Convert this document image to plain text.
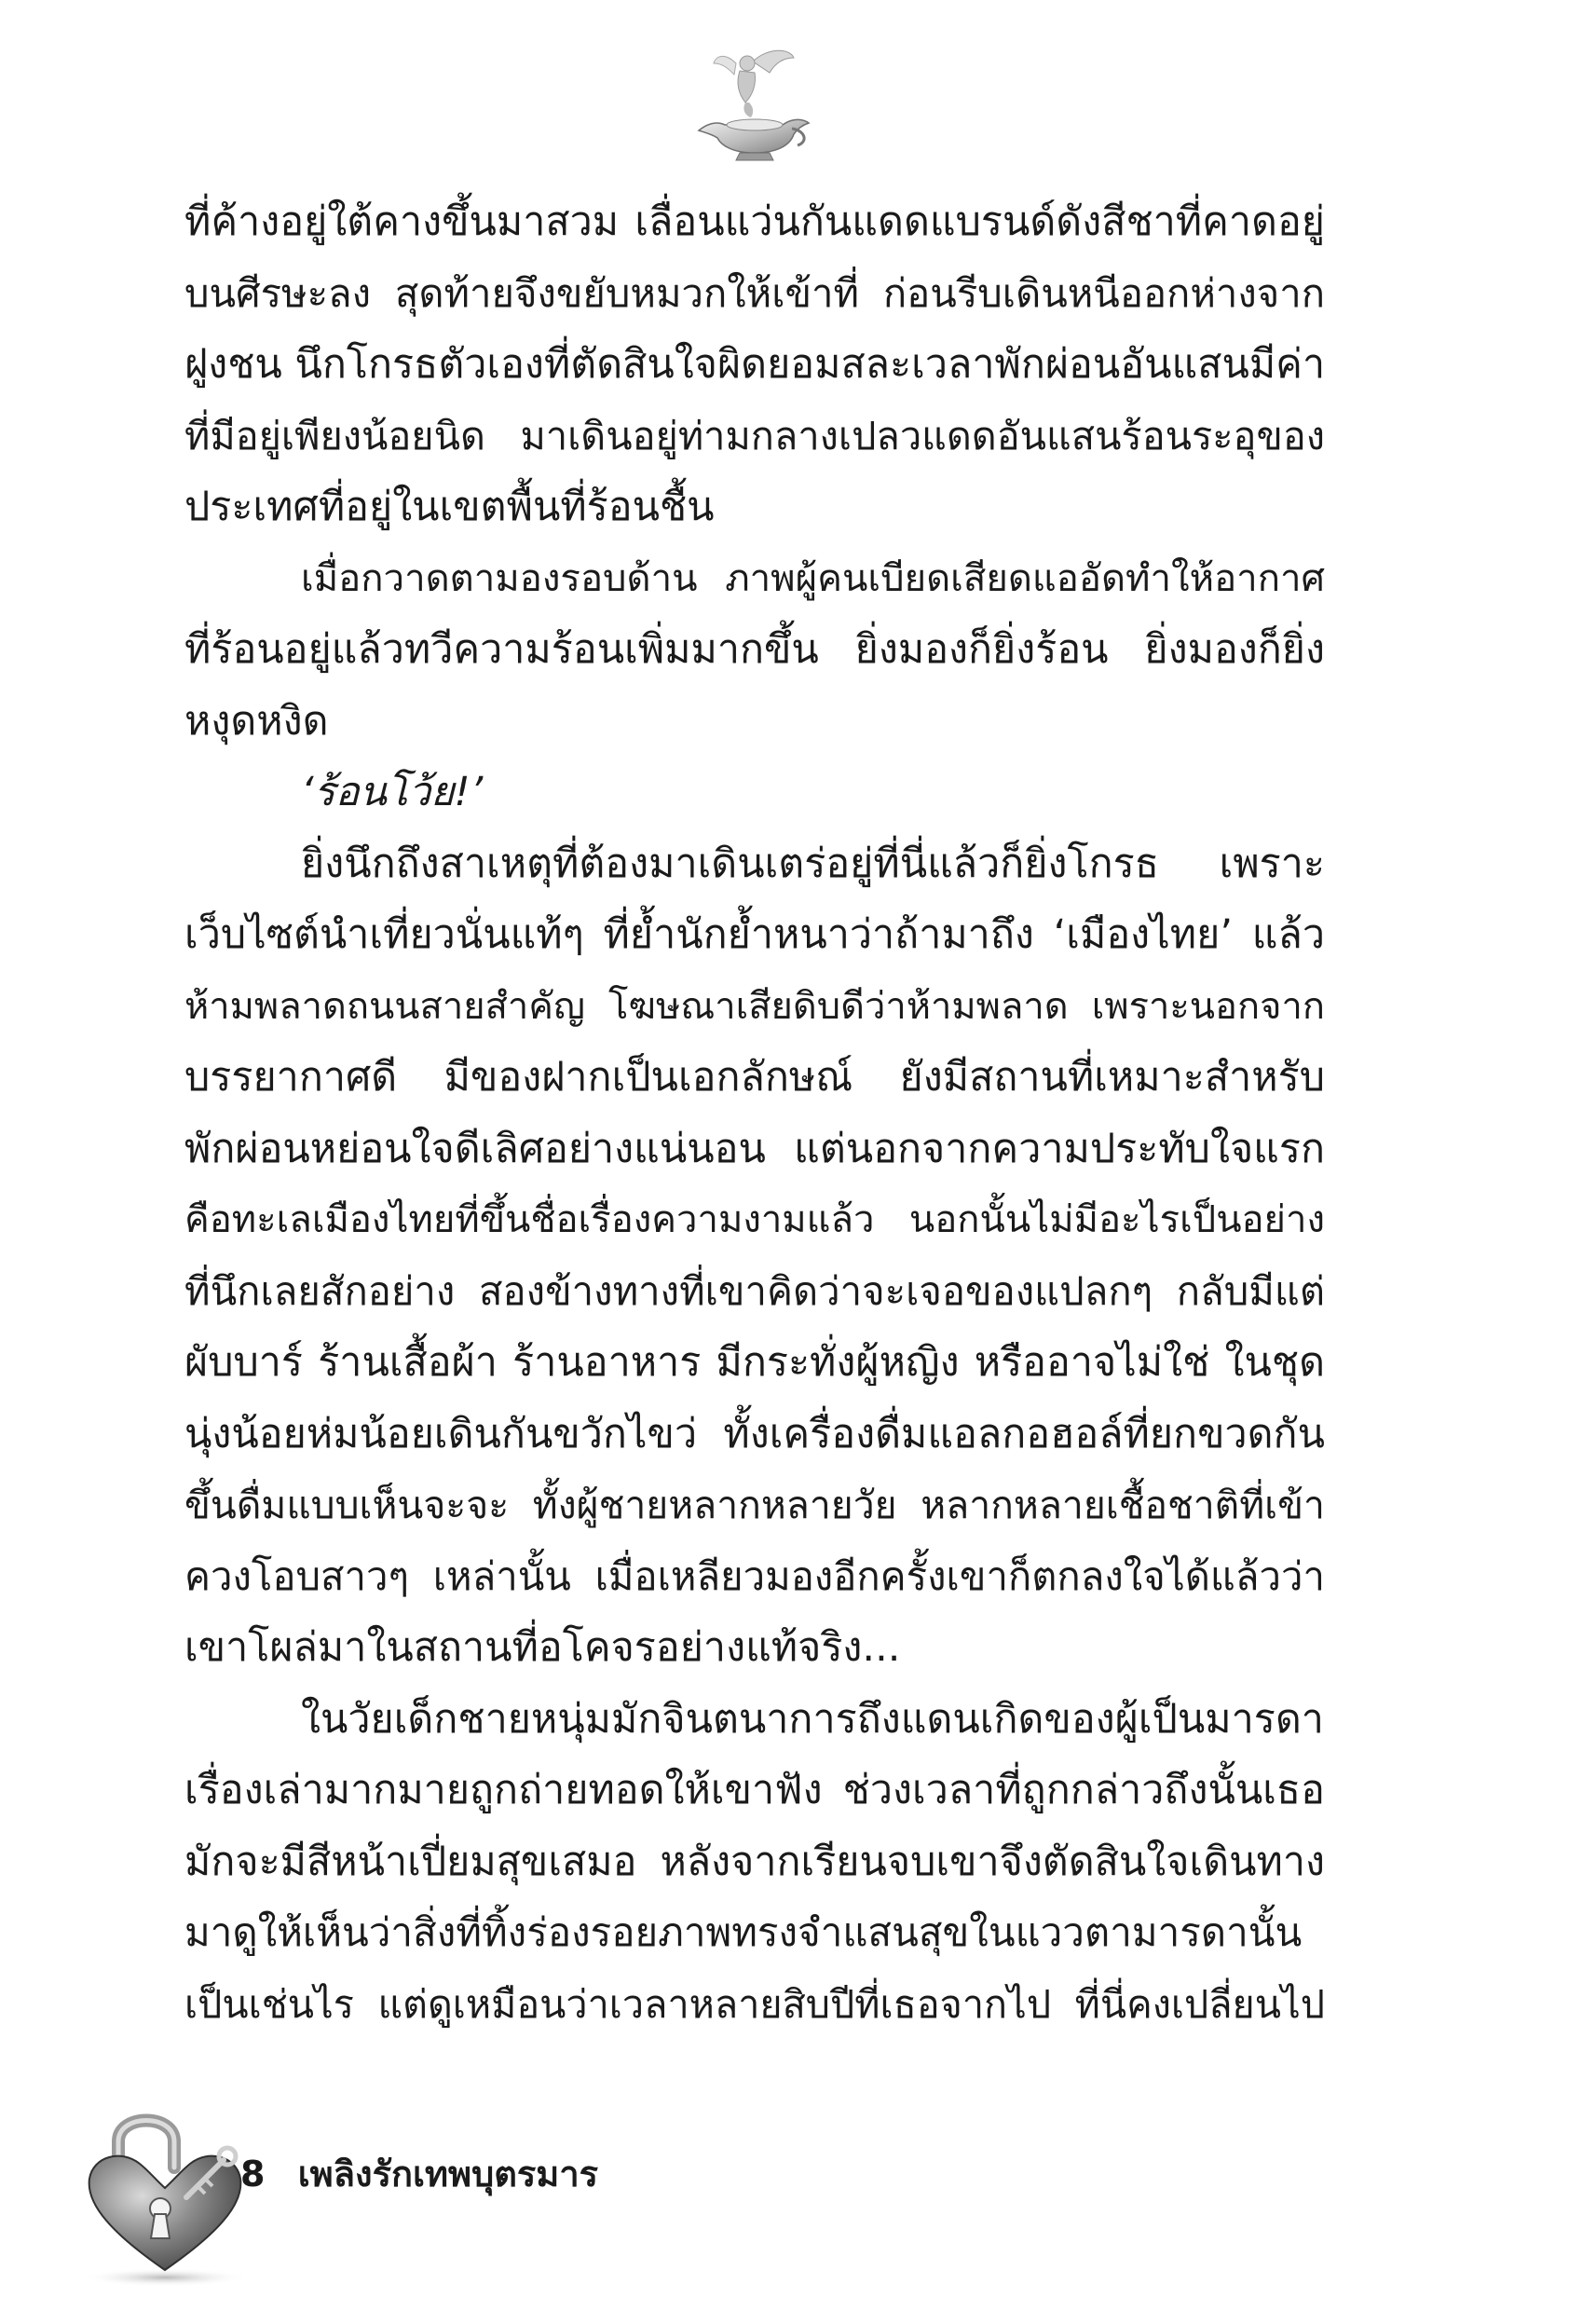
ที่ค้างอยู่ใต้คางขึ้นมาสวม เลื่อนแว่นกันแดดแบรนด์ดังสีชาที่คาดอยู่
บนศีรษะลง สุดท้ายจึงขยับหมวกให้เข้าที่ ก่อนรีบเดินหนีออกห่างจาก
ฝูงชน นึกโกรธตัวเองที่ตัดสินใจผิดยอมสละเวลาพักผ่อนอันแสนมีค่า
ที่มีอยู่เพียงน้อยนิด มาเดินอยู่ท่ามกลางเปลวแดดอันแสนร้อนระอุของ
ประเทศที่อยู่ในเขตพื้นที่ร้อนชื้น
เมื่อกวาดตามองรอบด้าน ภาพผู้คนเบียดเสียดแออัดทำให้อากาศ
ที่ร้อนอยู่แล้วทวีความร้อนเพิ่มมากขึ้น ยิ่งมองก็ยิ่งร้อน ยิ่งมองก็ยิ่ง
หงุดหงิด
‘ร้อนโว้ย!’
ยิ่งนึกถึงสาเหตุที่ต้องมาเดินเตร่อยู่ที่นี่แล้วก็ยิ่งโกรธ เพราะ
เว็บไซต์นำเที่ยวนั่นแท้ๆ ที่ย้ำนักย้ำหนาว่าถ้ามาถึง ‘เมืองไทย’ แล้ว
ห้ามพลาดถนนสายสำคัญ โฆษณาเสียดิบดีว่าห้ามพลาด เพราะนอกจาก
บรรยากาศดี มีของฝากเป็นเอกลักษณ์ ยังมีสถานที่เหมาะสำหรับ
พักผ่อนหย่อนใจดีเลิศอย่างแน่นอน แต่นอกจากความประทับใจแรก
คือทะเลเมืองไทยที่ขึ้นชื่อเรื่องความงามแล้ว นอกนั้นไม่มีอะไรเป็นอย่าง
ที่นึกเลยสักอย่าง สองข้างทางที่เขาคิดว่าจะเจอของแปลกๆ กลับมีแต่
ผับบาร์ ร้านเสื้อผ้า ร้านอาหาร มีกระทั่งผู้หญิง หรืออาจไม่ใช่ ในชุด
นุ่งน้อยห่มน้อยเดินกันขวักไขว่ ทั้งเครื่องดื่มแอลกอฮอล์ที่ยกขวดกัน
ขึ้นดื่มแบบเห็นจะจะ ทั้งผู้ชายหลากหลายวัย หลากหลายเชื้อชาติที่เข้า
ควงโอบสาวๆ เหล่านั้น เมื่อเหลียวมองอีกครั้งเขาก็ตกลงใจได้แล้วว่า
เขาโผล่มาในสถานที่อโคจรอย่างแท้จริง...
ในวัยเด็กชายหนุ่มมักจินตนาการถึงแดนเกิดของผู้เป็นมารดา
เรื่องเล่ามากมายถูกถ่ายทอดให้เขาฟัง ช่วงเวลาที่ถูกกล่าวถึงนั้นเธอ
มักจะมีสีหน้าเปี่ยมสุขเสมอ หลังจากเรียนจบเขาจึงตัดสินใจเดินทาง
มาดูให้เห็นว่าสิ่งที่ทิ้งร่องรอยภาพทรงจำแสนสุขในแววตามารดานั้น
เป็นเช่นไร แต่ดูเหมือนว่าเวลาหลายสิบปีที่เธอจากไป ที่นี่คงเปลี่ยนไป
8 เพลิงรักเทพบุตรมาร
